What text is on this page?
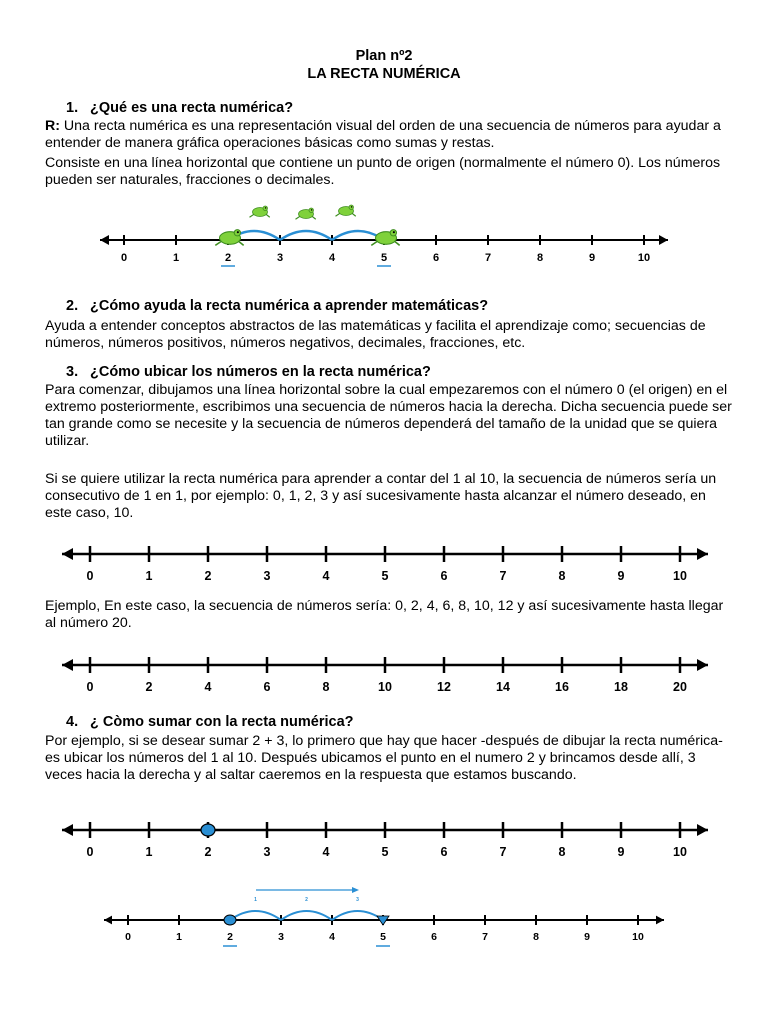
Plan nº2
LA RECTA NUMÉRICA
1. ¿Qué es una recta numérica?

R: Una recta numérica es una representación visual del orden de una secuencia de números para ayudar a entender de manera gráfica operaciones básicas como sumas y restas.

Consiste en una línea horizontal que contiene un punto de origen (normalmente el número 0). Los números pueden ser naturales, fracciones o decimales.

0	1	2	3	4	5	6	7	8	9	10
2. ¿Cómo ayuda la recta numérica a aprender matemáticas?

Ayuda a entender conceptos abstractos de las matemáticas y facilita el aprendizaje como; secuencias de números, números positivos, números negativos, decimales, fracciones, etc.

3. ¿Cómo ubicar los números en la recta numérica?

Para comenzar, dibujamos una línea horizontal sobre la cual empezaremos con el número 0 (el origen) en el extremo posteriormente, escribimos una secuencia de números hacia la derecha. Dicha secuencia puede ser tan grande como se necesite y la secuencia de números dependerá del tamaño de la unidad que se quiera utilizar.

Si se quiere utilizar la recta numérica para aprender a contar del 1 al 10, la secuencia de números sería un consecutivo de 1 en 1, por ejemplo: 0, 1, 2, 3 y así sucesivamente hasta alcanzar el número deseado, en este caso, 10.

0	1	2	3	4	5	6	7	8	9	10

Ejemplo, En este caso, la secuencia de números sería: 0, 2, 4, 6, 8, 10, 12 y así sucesivamente hasta llegar al número 20.

0	2	4	6	8	10	12	14	16	18	20
4. ¿ Còmo sumar con la recta numérica?

Por ejemplo, si se desear sumar 2 + 3, lo primero que hay que hacer -después de dibujar la recta numérica- es ubicar los números del 1 al 10. Después ubicamos el punto en el numero 2 y brincamos desde allí, 3 veces hacia la derecha y al saltar caeremos en la respuesta que estamos buscando.

0	1	2	3	4	5	6	7	8	9	10
0	1	2	3	4	5	6	7	8	9	10
1	2	3
